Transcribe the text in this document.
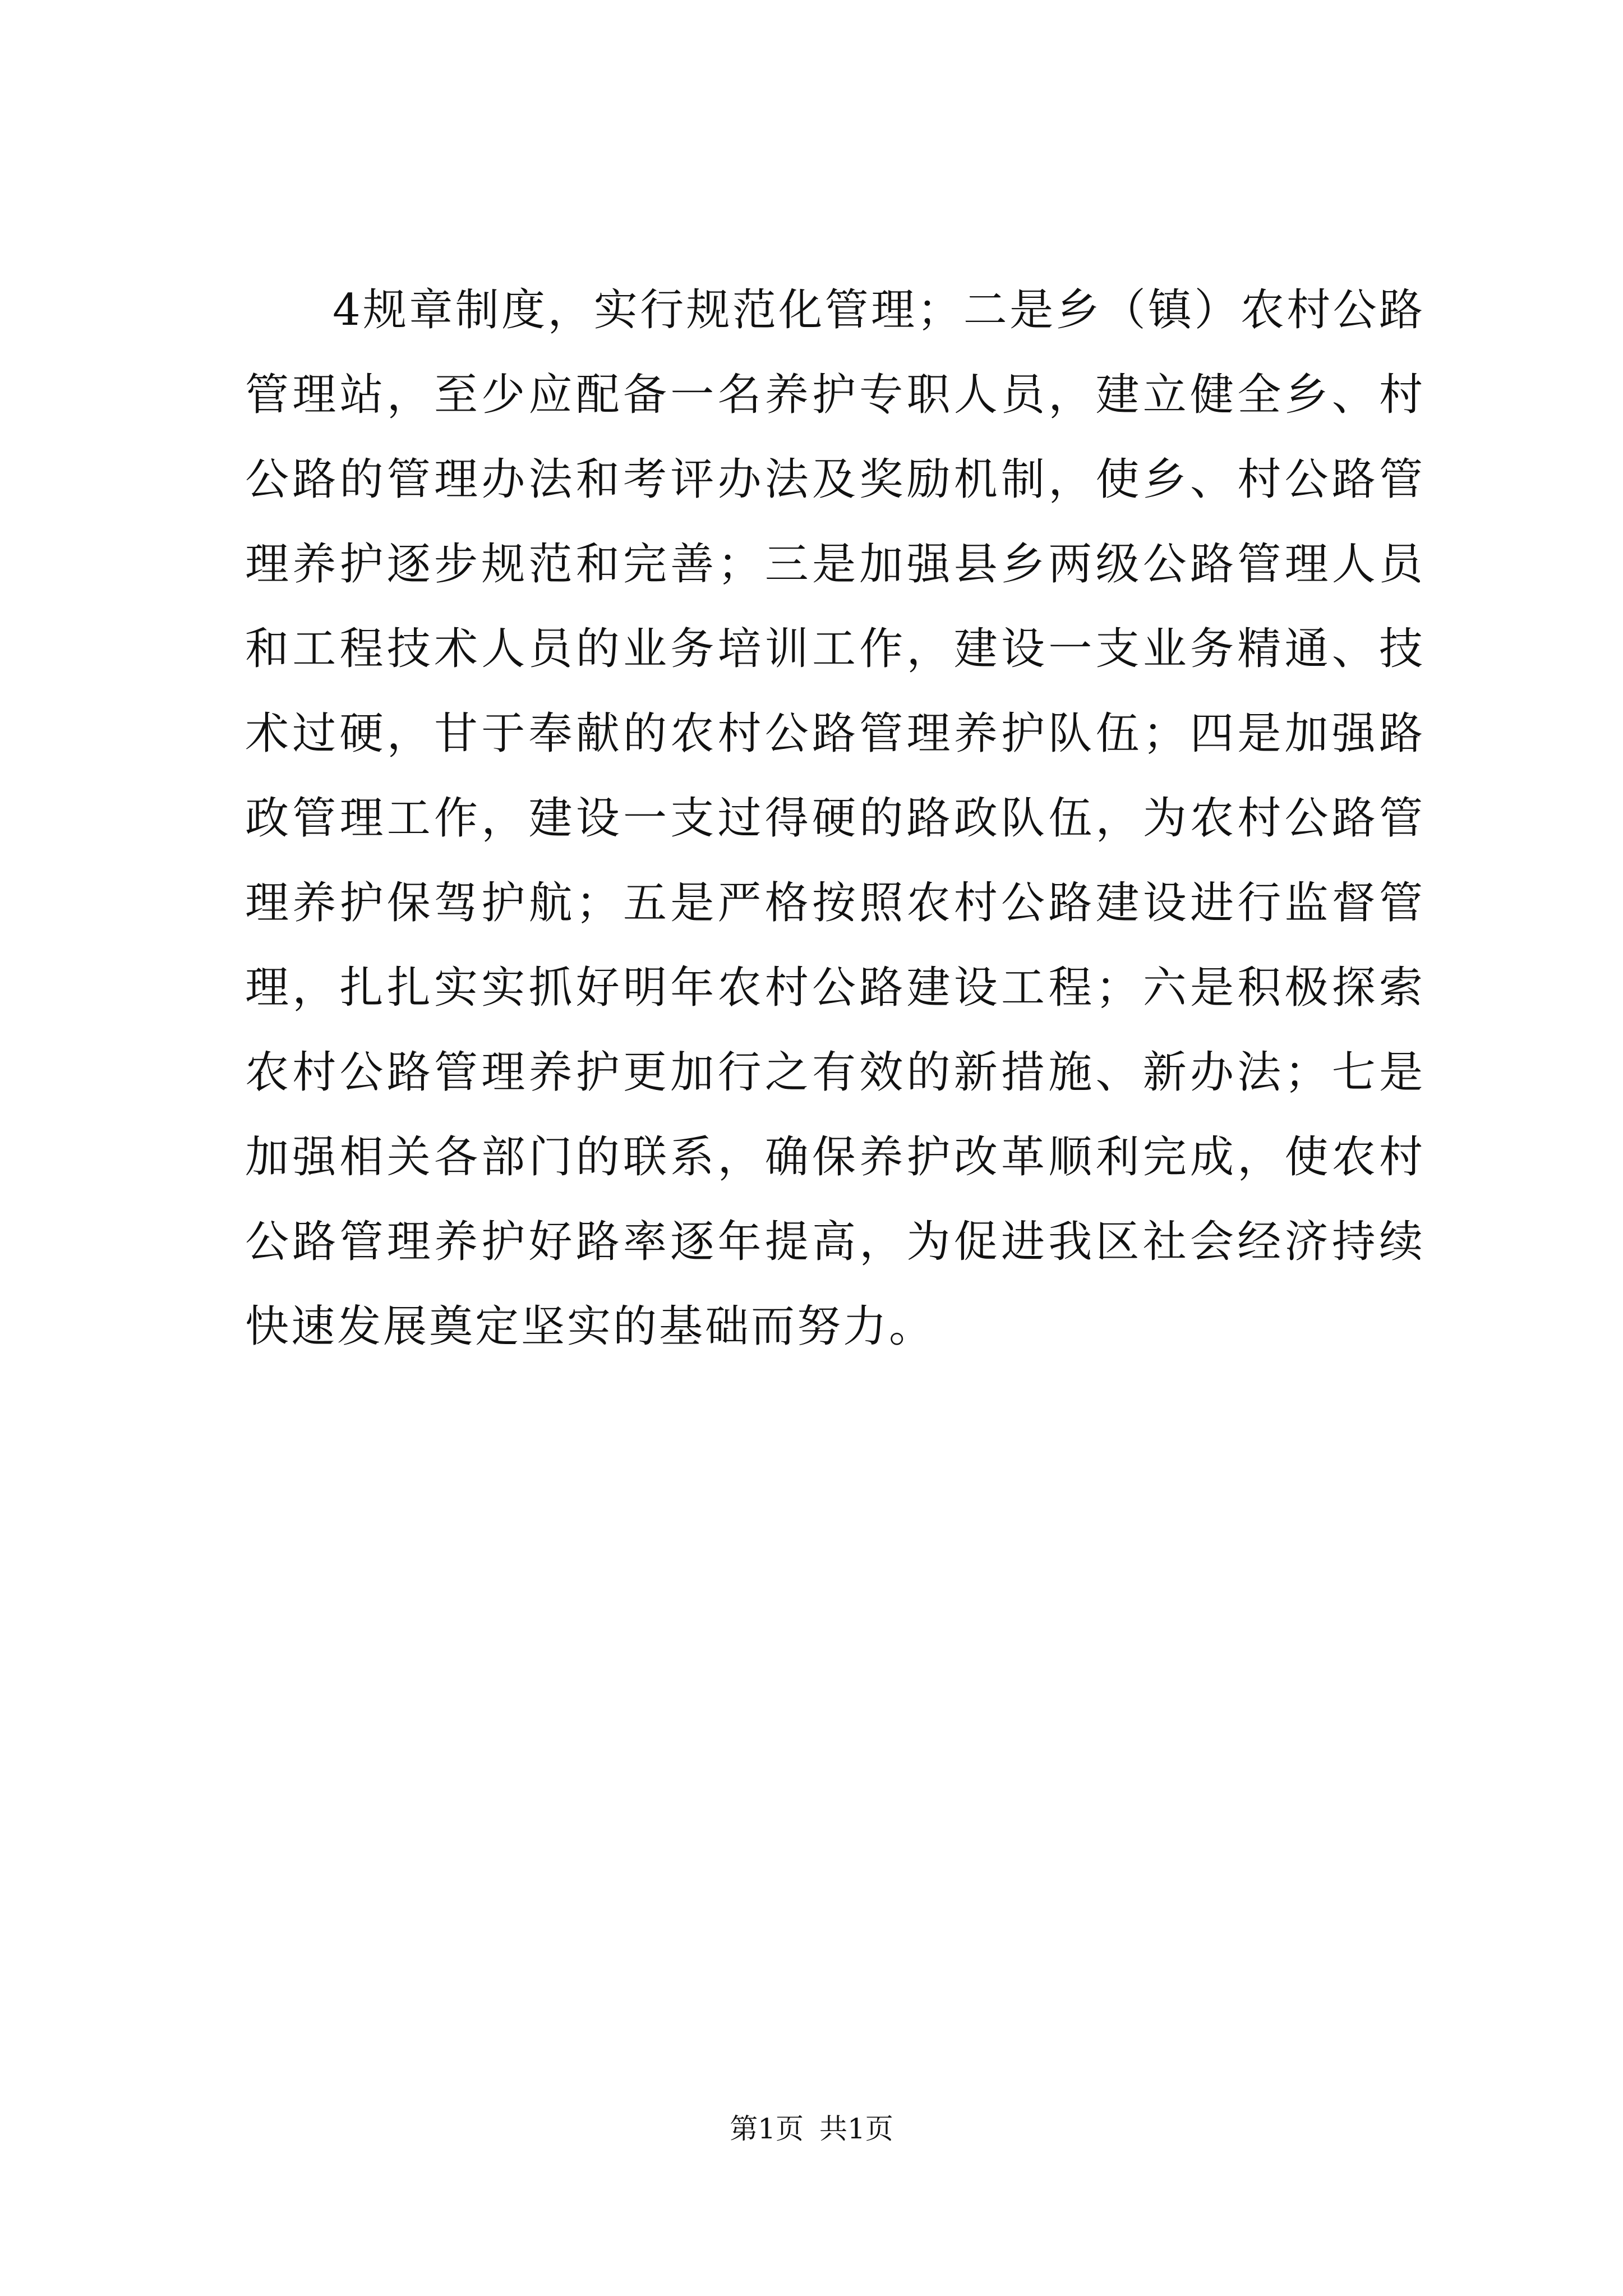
4规章制度，实行规范化管理；二是乡（镇）农村公路管理站，至少应配备一名养护专职人员，建立健全乡、村公路的管理办法和考评办法及奖励机制，使乡、村公路管理养护逐步规范和完善；三是加强县乡两级公路管理人员和工程技术人员的业务培训工作，建设一支业务精通、技术过硬，甘于奉献的农村公路管理养护队伍；四是加强路政管理工作，建设一支过得硬的路政队伍，为农村公路管理养护保驾护航；五是严格按照农村公路建设进行监督管理，扎扎实实抓好明年农村公路建设工程；六是积极探索农村公路管理养护更加行之有效的新措施、新办法；七是加强相关各部门的联系，确保养护改革顺利完成，使农村公路管理养护好路率逐年提高，为促进我区社会经济持续快速发展奠定坚实的基础而努力。

第1页 共1页
